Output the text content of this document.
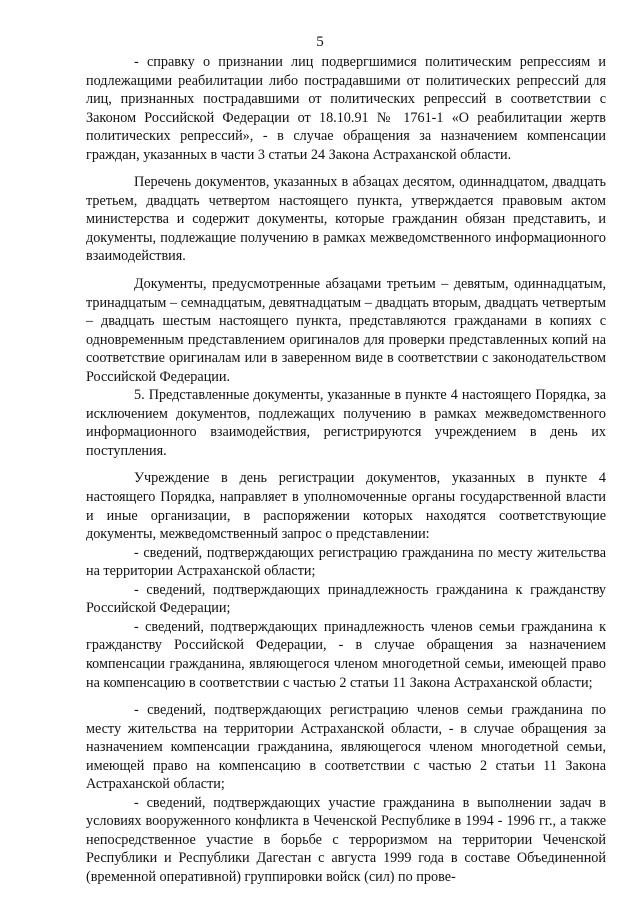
5

- справку о признании лиц подвергшимися политическим репрессиям и подлежащими реабилитации либо пострадавшими от политических репрессий для лиц, признанных пострадавшими от политических репрессий в соответствии с Законом Российской Федерации от 18.10.91 № 1761-1 «О реабилитации жертв политических репрессий», - в случае обращения за назначением компенсации граждан, указанных в части 3 статьи 24 Закона Астраханской области.

Перечень документов, указанных в абзацах десятом, одиннадцатом, двадцать третьем, двадцать четвертом настоящего пункта, утверждается правовым актом министерства и содержит документы, которые гражданин обязан представить, и документы, подлежащие получению в рамках межведомственного информационного взаимодействия.

Документы, предусмотренные абзацами третьим – девятым, одиннадцатым, тринадцатым – семнадцатым, девятнадцатым – двадцать вторым, двадцать четвертым – двадцать шестым настоящего пункта, представляются гражданами в копиях с одновременным представлением оригиналов для проверки представленных копий на соответствие оригиналам или в заверенном виде в соответствии с законодательством Российской Федерации.

5. Представленные документы, указанные в пункте 4 настоящего Порядка, за исключением документов, подлежащих получению в рамках межведомственного информационного взаимодействия, регистрируются учреждением в день их поступления.

Учреждение в день регистрации документов, указанных в пункте 4 настоящего Порядка, направляет в уполномоченные органы государственной власти и иные организации, в распоряжении которых находятся соответствующие документы, межведомственный запрос о представлении:

- сведений, подтверждающих регистрацию гражданина по месту жительства на территории Астраханской области;

- сведений, подтверждающих принадлежность гражданина к гражданству Российской Федерации;

- сведений, подтверждающих принадлежность членов семьи гражданина к гражданству Российской Федерации, - в случае обращения за назначением компенсации гражданина, являющегося членом многодетной семьи, имеющей право на компенсацию в соответствии с частью 2 статьи 11 Закона Астраханской области;

- сведений, подтверждающих регистрацию членов семьи гражданина по месту жительства на территории Астраханской области, - в случае обращения за назначением компенсации гражданина, являющегося членом многодетной семьи, имеющей право на компенсацию в соответствии с частью 2 статьи 11 Закона Астраханской области;

- сведений, подтверждающих участие гражданина в выполнении задач в условиях вооруженного конфликта в Чеченской Республике в 1994 - 1996 гг., а также непосредственное участие в борьбе с терроризмом на территории Чеченской Республики и Республики Дагестан с августа 1999 года в составе Объединенной (временной оперативной) группировки войск (сил) по прове-
